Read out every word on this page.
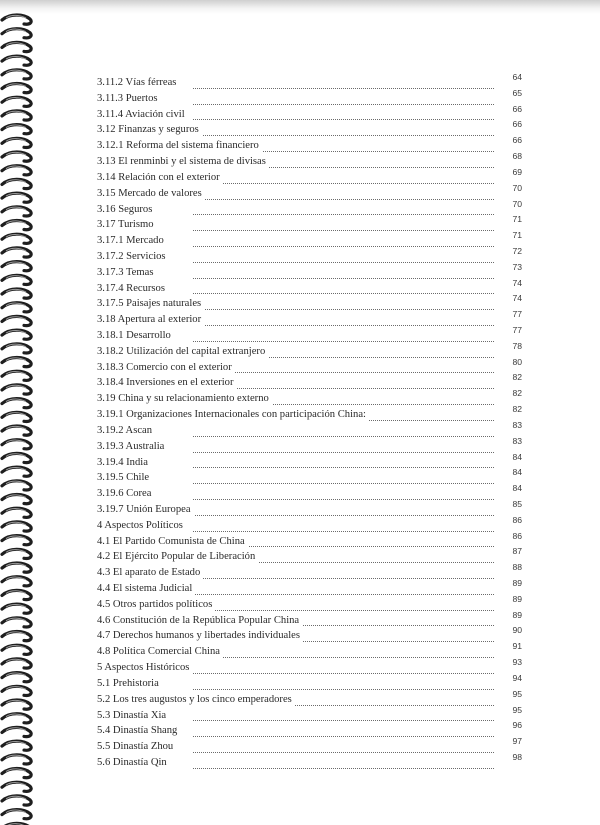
3.11.2 Vías férreas	64
3.11.3 Puertos	65
3.11.4 Aviación civil	66
3.12 Finanzas y seguros	66
3.12.1 Reforma del sistema financiero	66
3.13 El renminbi y el sistema de divisas	68
3.14 Relación con el exterior	69
3.15 Mercado de valores	70
3.16 Seguros	70
3.17 Turismo	71
3.17.1 Mercado	71
3.17.2 Servicios	72
3.17.3 Temas	73
3.17.4 Recursos	74
3.17.5 Paisajes naturales	74
3.18 Apertura al exterior	77
3.18.1 Desarrollo	77
3.18.2 Utilización del capital extranjero	78
3.18.3 Comercio con el exterior	80
3.18.4 Inversiones en el exterior	82
3.19 China y su relacionamiento externo	82
3.19.1 Organizaciones Internacionales con participación China:	82
3.19.2 Ascan	83
3.19.3 Australia	83
3.19.4 India	84
3.19.5 Chile	84
3.19.6 Corea	84
3.19.7 Unión Europea	85
4 Aspectos Políticos	86
4.1 El Partido Comunista de China	86
4.2 El Ejército Popular de Liberación	87
4.3 El aparato de Estado	88
4.4 El sistema Judicial	89
4.5 Otros partidos políticos	89
4.6 Constitución de la República Popular China	89
4.7 Derechos humanos y libertades individuales	90
4.8 Política Comercial China	91
5 Aspectos Históricos	93
5.1 Prehistoria	94
5.2 Los tres augustos y los cinco emperadores	95
5.3 Dinastía Xia	95
5.4 Dinastía Shang	96
5.5 Dinastía Zhou	97
5.6 Dinastía Qin	98
